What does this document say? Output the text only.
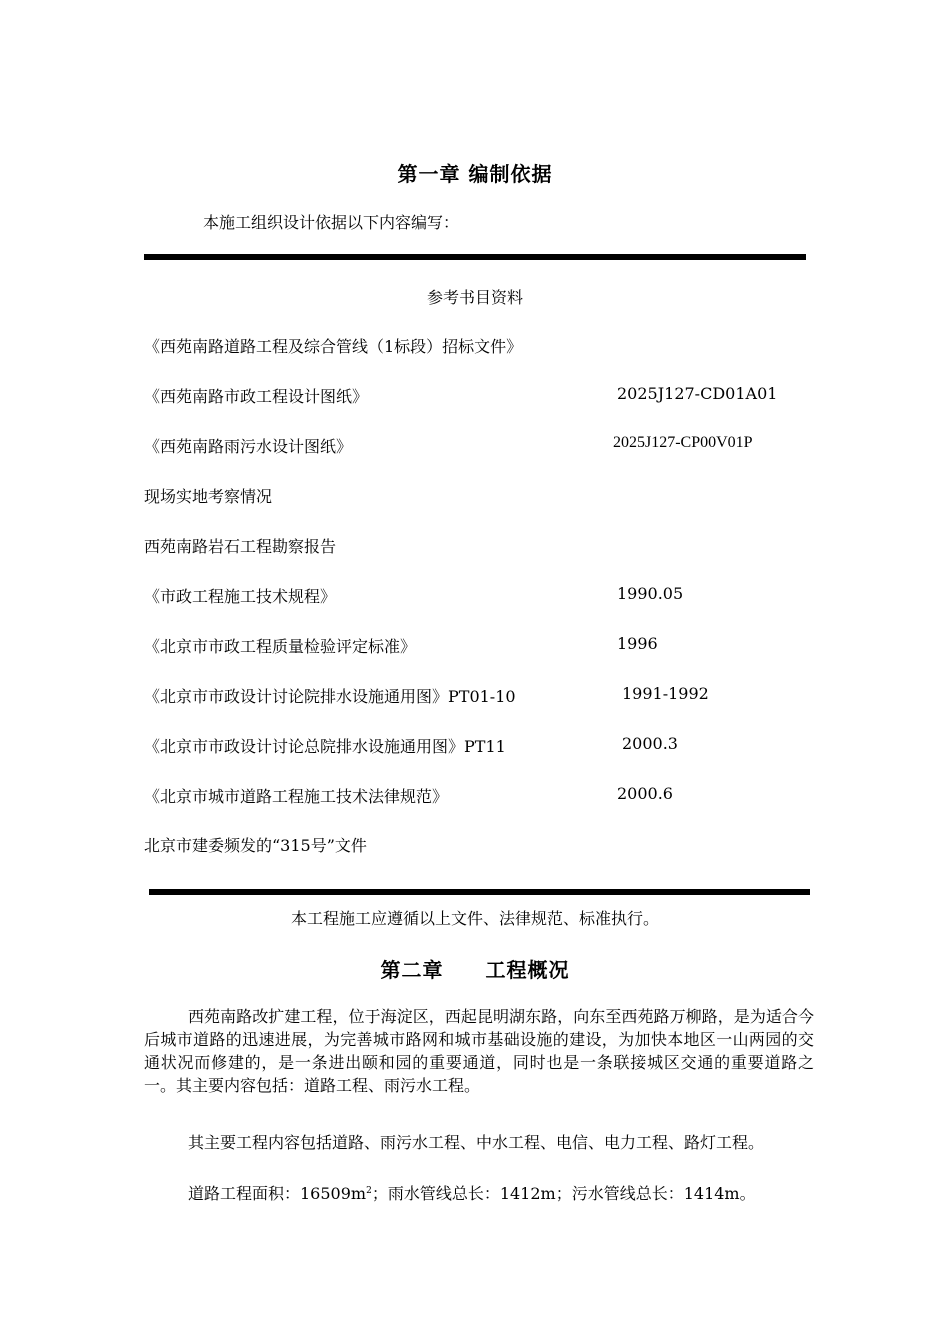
第一章 编制依据
本施工组织设计依据以下内容编写：
参考书目资料
《西苑南路道路工程及综合管线（1标段）招标文件》
《西苑南路市政工程设计图纸》	2025J127-CD01A01
《西苑南路雨污水设计图纸》	2025J127-CP00V01P
现场实地考察情况
西苑南路岩石工程勘察报告
《市政工程施工技术规程》	1990.05
《北京市市政工程质量检验评定标准》	1996
《北京市市政设计讨论院排水设施通用图》PT01-10	1991-1992
《北京市市政设计讨论总院排水设施通用图》PT11	2000.3
《北京市城市道路工程施工技术法律规范》	2000.6
北京市建委频发的“315号”文件
本工程施工应遵循以上文件、法律规范、标准执行。
第二章　　工程概况
西苑南路改扩建工程，位于海淀区，西起昆明湖东路，向东至西苑路万柳路，是为适合今后城市道路的迅速进展，为完善城市路网和城市基础设施的建设，为加快本地区一山两园的交通状况而修建的，是一条进出颐和园的重要通道，同时也是一条联接城区交通的重要道路之一。其主要内容包括：道路工程、雨污水工程。
其主要工程内容包括道路、雨污水工程、中水工程、电信、电力工程、路灯工程。
道路工程面积：$16509m^2$；雨水管线总长：1412m；污水管线总长：1414m。
